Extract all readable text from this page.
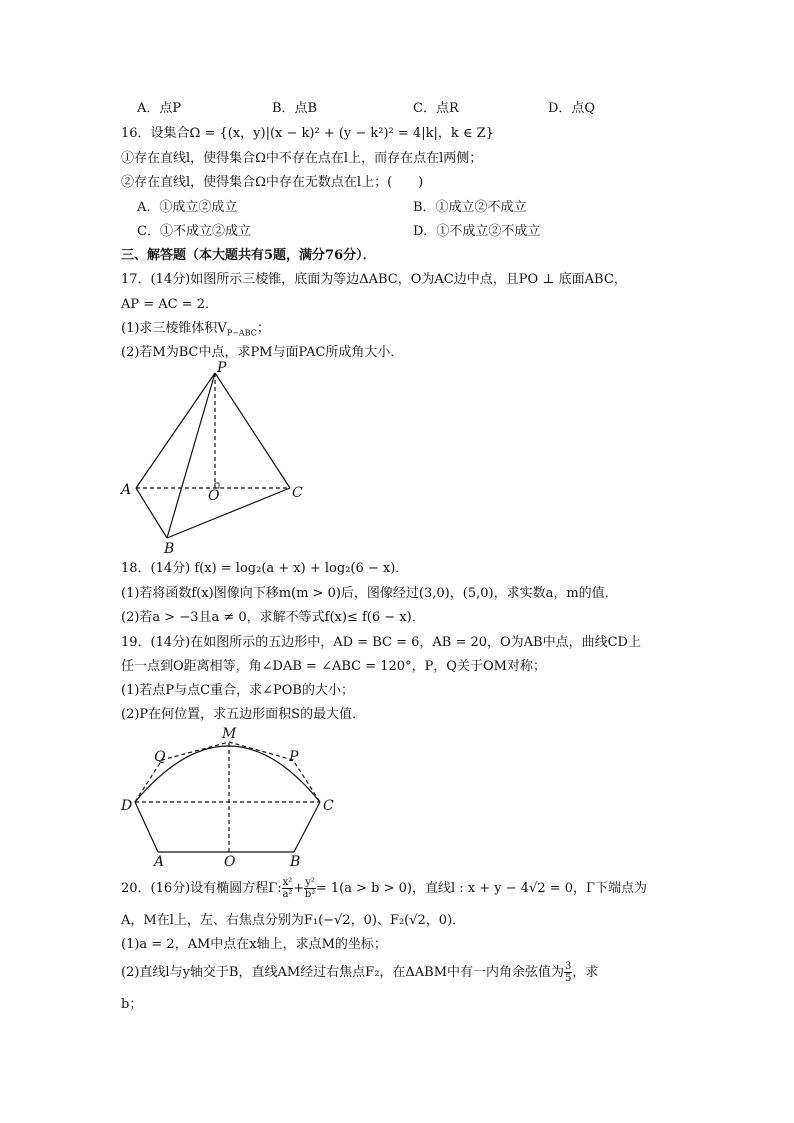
A．点P	B．点B	C．点R	D．点Q
16．设集合Ω = {(x，y)|(x − k)² + (y − k²)² = 4|k|，k ∈ Z}
①存在直线l，使得集合Ω中不存在点在l上，而存在点在l两侧；
②存在直线l，使得集合Ω中存在无数点在l上；(　　)
A．①成立②成立	B．①成立②不成立
C．①不成立②成立	D．①不成立②不成立
三、解答题（本大题共有5题，满分76分）．
17．(14分)如图所示三棱锥，底面为等边ΔABC，O为AC边中点，且PO ⊥ 底面ABC，
AP = AC = 2．
(1)求三棱锥体积$V_{P-ABC}$；
(2)若M为BC中点，求PM与面PAC所成角大小．
P
A	O	C
B
18．(14分) f(x) = log₂(a + x) + log₂(6 − x)．
(1)若将函数f(x)图像向下移m(m > 0)后，图像经过(3,0)，(5,0)，求实数a，m的值．
(2)若a > −3且a ≠ 0，求解不等式f(x)≤ f(6 − x)．
19．(14分)在如图所示的五边形中，AD = BC = 6，AB = 20，O为AB中点，曲线CD上
任一点到O距离相等，角∠DAB = ∠ABC = 120°，P，Q关于OM对称；
(1)若点P与点C重合，求∠POB的大小；
(2)P在何位置，求五边形面积S的最大值．
M
Q	P
D	C
A	O	B
20．(16分)设有椭圆方程Γ: $\frac{\text{x²}}{\text{a²}} + \frac{\text{y²}}{\text{b²}} = 1(a > b > 0)$，直线l : x + y − 4√2 = 0，Γ下端点为
A，M在l上，左、右焦点分别为F₁(−√2，0)、F₂(√2，0)．
(1)a = 2，AM中点在x轴上，求点M的坐标；
(2)直线l与y轴交于B，直线AM经过右焦点F₂，在ΔABM中有一内角余弦值为 $\frac{3}{5}$ ，求
b；
